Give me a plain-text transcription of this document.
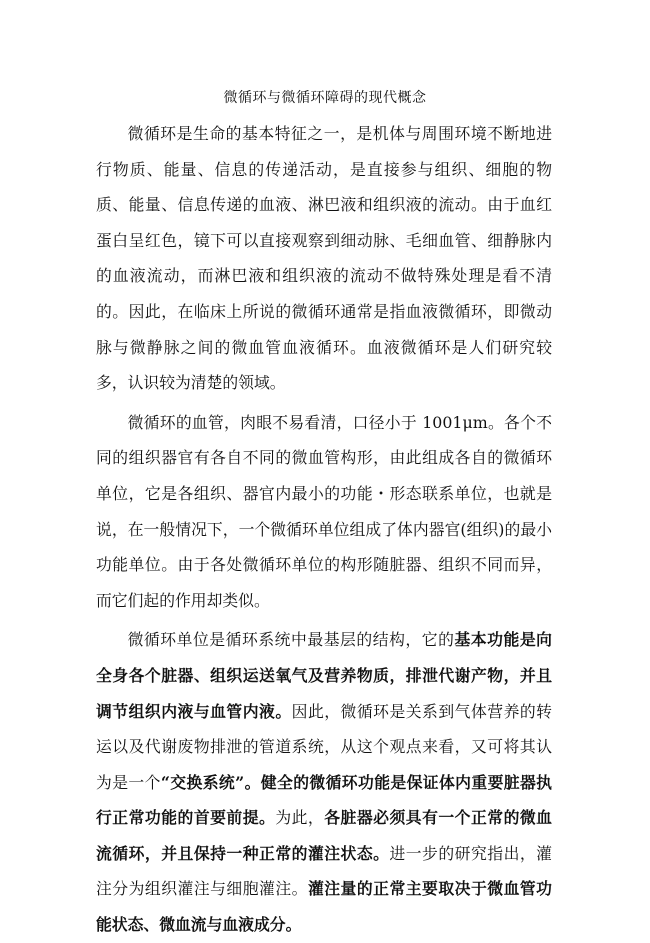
微循环与微循环障碍的现代概念

微循环是生命的基本特征之一，是机体与周围环境不断地进行物质、能量、信息的传递活动，是直接参与组织、细胞的物质、能量、信息传递的血液、淋巴液和组织液的流动。由于血红蛋白呈红色，镜下可以直接观察到细动脉、毛细血管、细静脉内的血液流动，而淋巴液和组织液的流动不做特殊处理是看不清的。因此，在临床上所说的微循环通常是指血液微循环，即微动脉与微静脉之间的微血管血液循环。血液微循环是人们研究较多，认识较为清楚的领域。

微循环的血管，肉眼不易看清，口径小于 1001μm。各个不同的组织器官有各自不同的微血管构形，由此组成各自的微循环单位，它是各组织、器官内最小的功能・形态联系单位，也就是说，在一般情况下，一个微循环单位组成了体内器官(组织)的最小功能单位。由于各处微循环单位的构形随脏器、组织不同而异，而它们起的作用却类似。

微循环单位是循环系统中最基层的结构，它的基本功能是向全身各个脏器、组织运送氧气及营养物质，排泄代谢产物，并且调节组织内液与血管内液。因此，微循环是关系到气体营养的转运以及代谢废物排泄的管道系统，从这个观点来看，又可将其认为是一个“交换系统”。健全的微循环功能是保证体内重要脏器执行正常功能的首要前提。为此，各脏器必须具有一个正常的微血流循环，并且保持一种正常的灌注状态。进一步的研究指出，灌注分为组织灌注与细胞灌注。灌注量的正常主要取决于微血管功能状态、微血流与血液成分。
